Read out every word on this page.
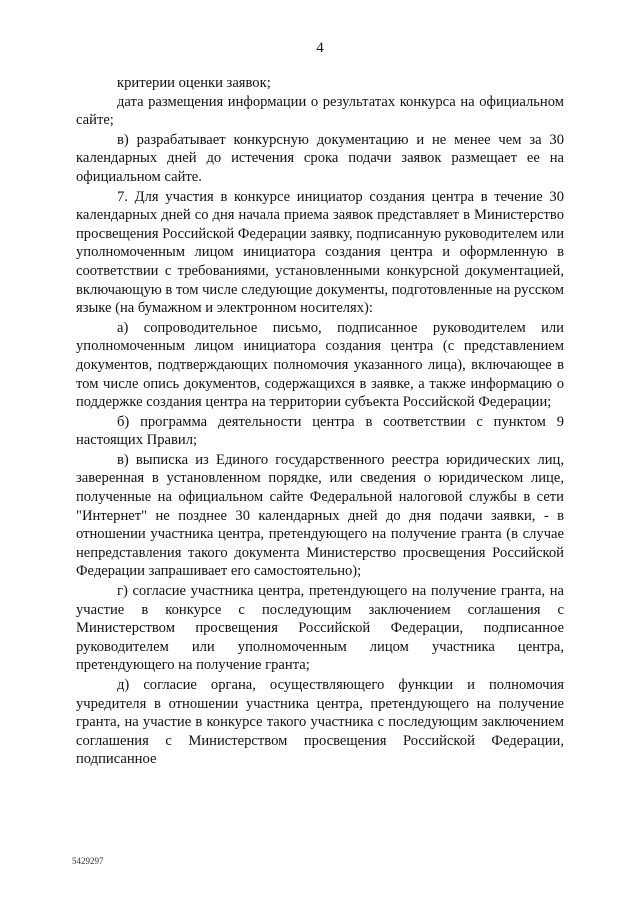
4

критерии оценки заявок;

дата размещения информации о результатах конкурса на официальном сайте;

в) разрабатывает конкурсную документацию и не менее чем за 30 календарных дней до истечения срока подачи заявок размещает ее на официальном сайте.

7. Для участия в конкурсе инициатор создания центра в течение 30 календарных дней со дня начала приема заявок представляет в Министерство просвещения Российской Федерации заявку, подписанную руководителем или уполномоченным лицом инициатора создания центра и оформленную в соответствии с требованиями, установленными конкурсной документацией, включающую в том числе следующие документы, подготовленные на русском языке (на бумажном и электронном носителях):

а) сопроводительное письмо, подписанное руководителем или уполномоченным лицом инициатора создания центра (с представлением документов, подтверждающих полномочия указанного лица), включающее в том числе опись документов, содержащихся в заявке, а также информацию о поддержке создания центра на территории субъекта Российской Федерации;

б) программа деятельности центра в соответствии с пунктом 9 настоящих Правил;

в) выписка из Единого государственного реестра юридических лиц, заверенная в установленном порядке, или сведения о юридическом лице, полученные на официальном сайте Федеральной налоговой службы в сети "Интернет" не позднее 30 календарных дней до дня подачи заявки, - в отношении участника центра, претендующего на получение гранта (в случае непредставления такого документа Министерство просвещения Российской Федерации запрашивает его самостоятельно);

г) согласие участника центра, претендующего на получение гранта, на участие в конкурсе с последующим заключением соглашения с Министерством просвещения Российской Федерации, подписанное руководителем или уполномоченным лицом участника центра, претендующего на получение гранта;

д) согласие органа, осуществляющего функции и полномочия учредителя в отношении участника центра, претендующего на получение гранта, на участие в конкурсе такого участника с последующим заключением соглашения с Министерством просвещения Российской Федерации, подписанное

5429297
